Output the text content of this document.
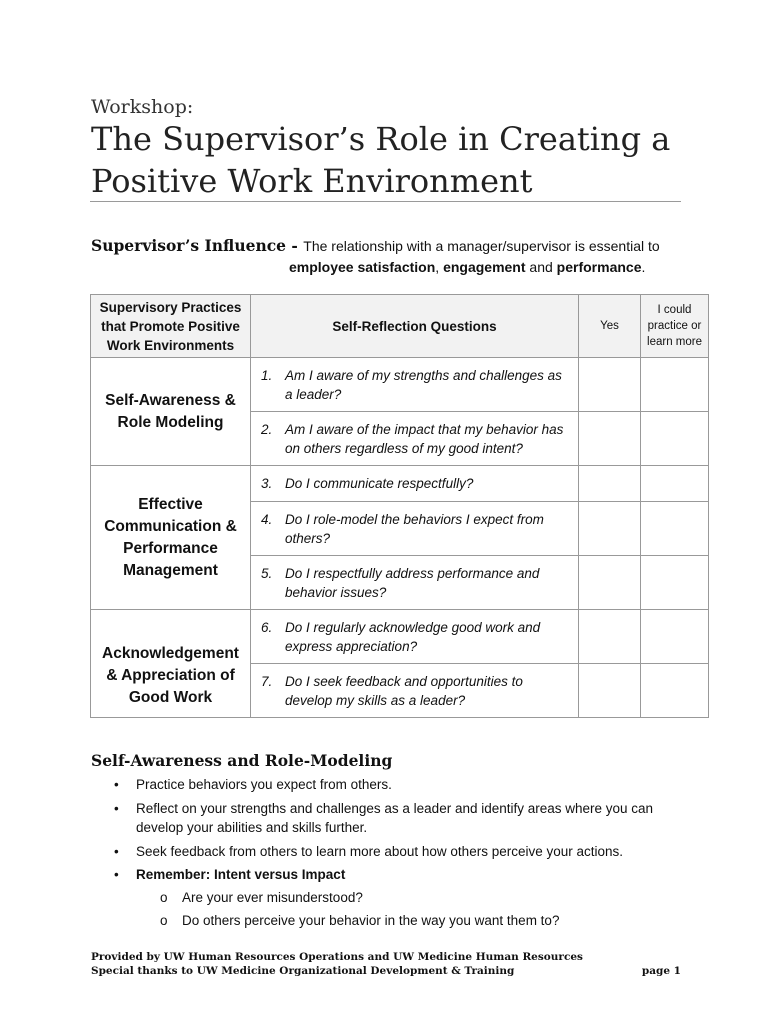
Workshop:
The Supervisor’s Role in Creating a Positive Work Environment
Supervisor’s Influence - The relationship with a manager/supervisor is essential to
employee satisfaction, engagement and performance.
Supervisory Practices that Promote Positive Work Environments	Self-Reflection Questions	Yes	I could practice or learn more
Self-Awareness & Role Modeling	1. Am I aware of my strengths and challenges as a leader?		

	2. Am I aware of the impact that my behavior has on others regardless of my good intent?		

Effective Communication & Performance Management	3. Do I communicate respectfully?		

	4. Do I role-model the behaviors I expect from others?		

	5. Do I respectfully address performance and behavior issues?		

Acknowledgement & Appreciation of Good Work	6. Do I regularly acknowledge good work and express appreciation?		

	7. Do I seek feedback and opportunities to develop my skills as a leader?		

Self-Awareness and Role-Modeling
• Practice behaviors you expect from others.
• Reflect on your strengths and challenges as a leader and identify areas where you can develop your abilities and skills further.
• Seek feedback from others to learn more about how others perceive your actions.
• Remember: Intent versus Impact
o Are your ever misunderstood?
o Do others perceive your behavior in the way you want them to?
Provided by UW Human Resources Operations and UW Medicine Human Resources
Special thanks to UW Medicine Organizational Development & Training	page 1
